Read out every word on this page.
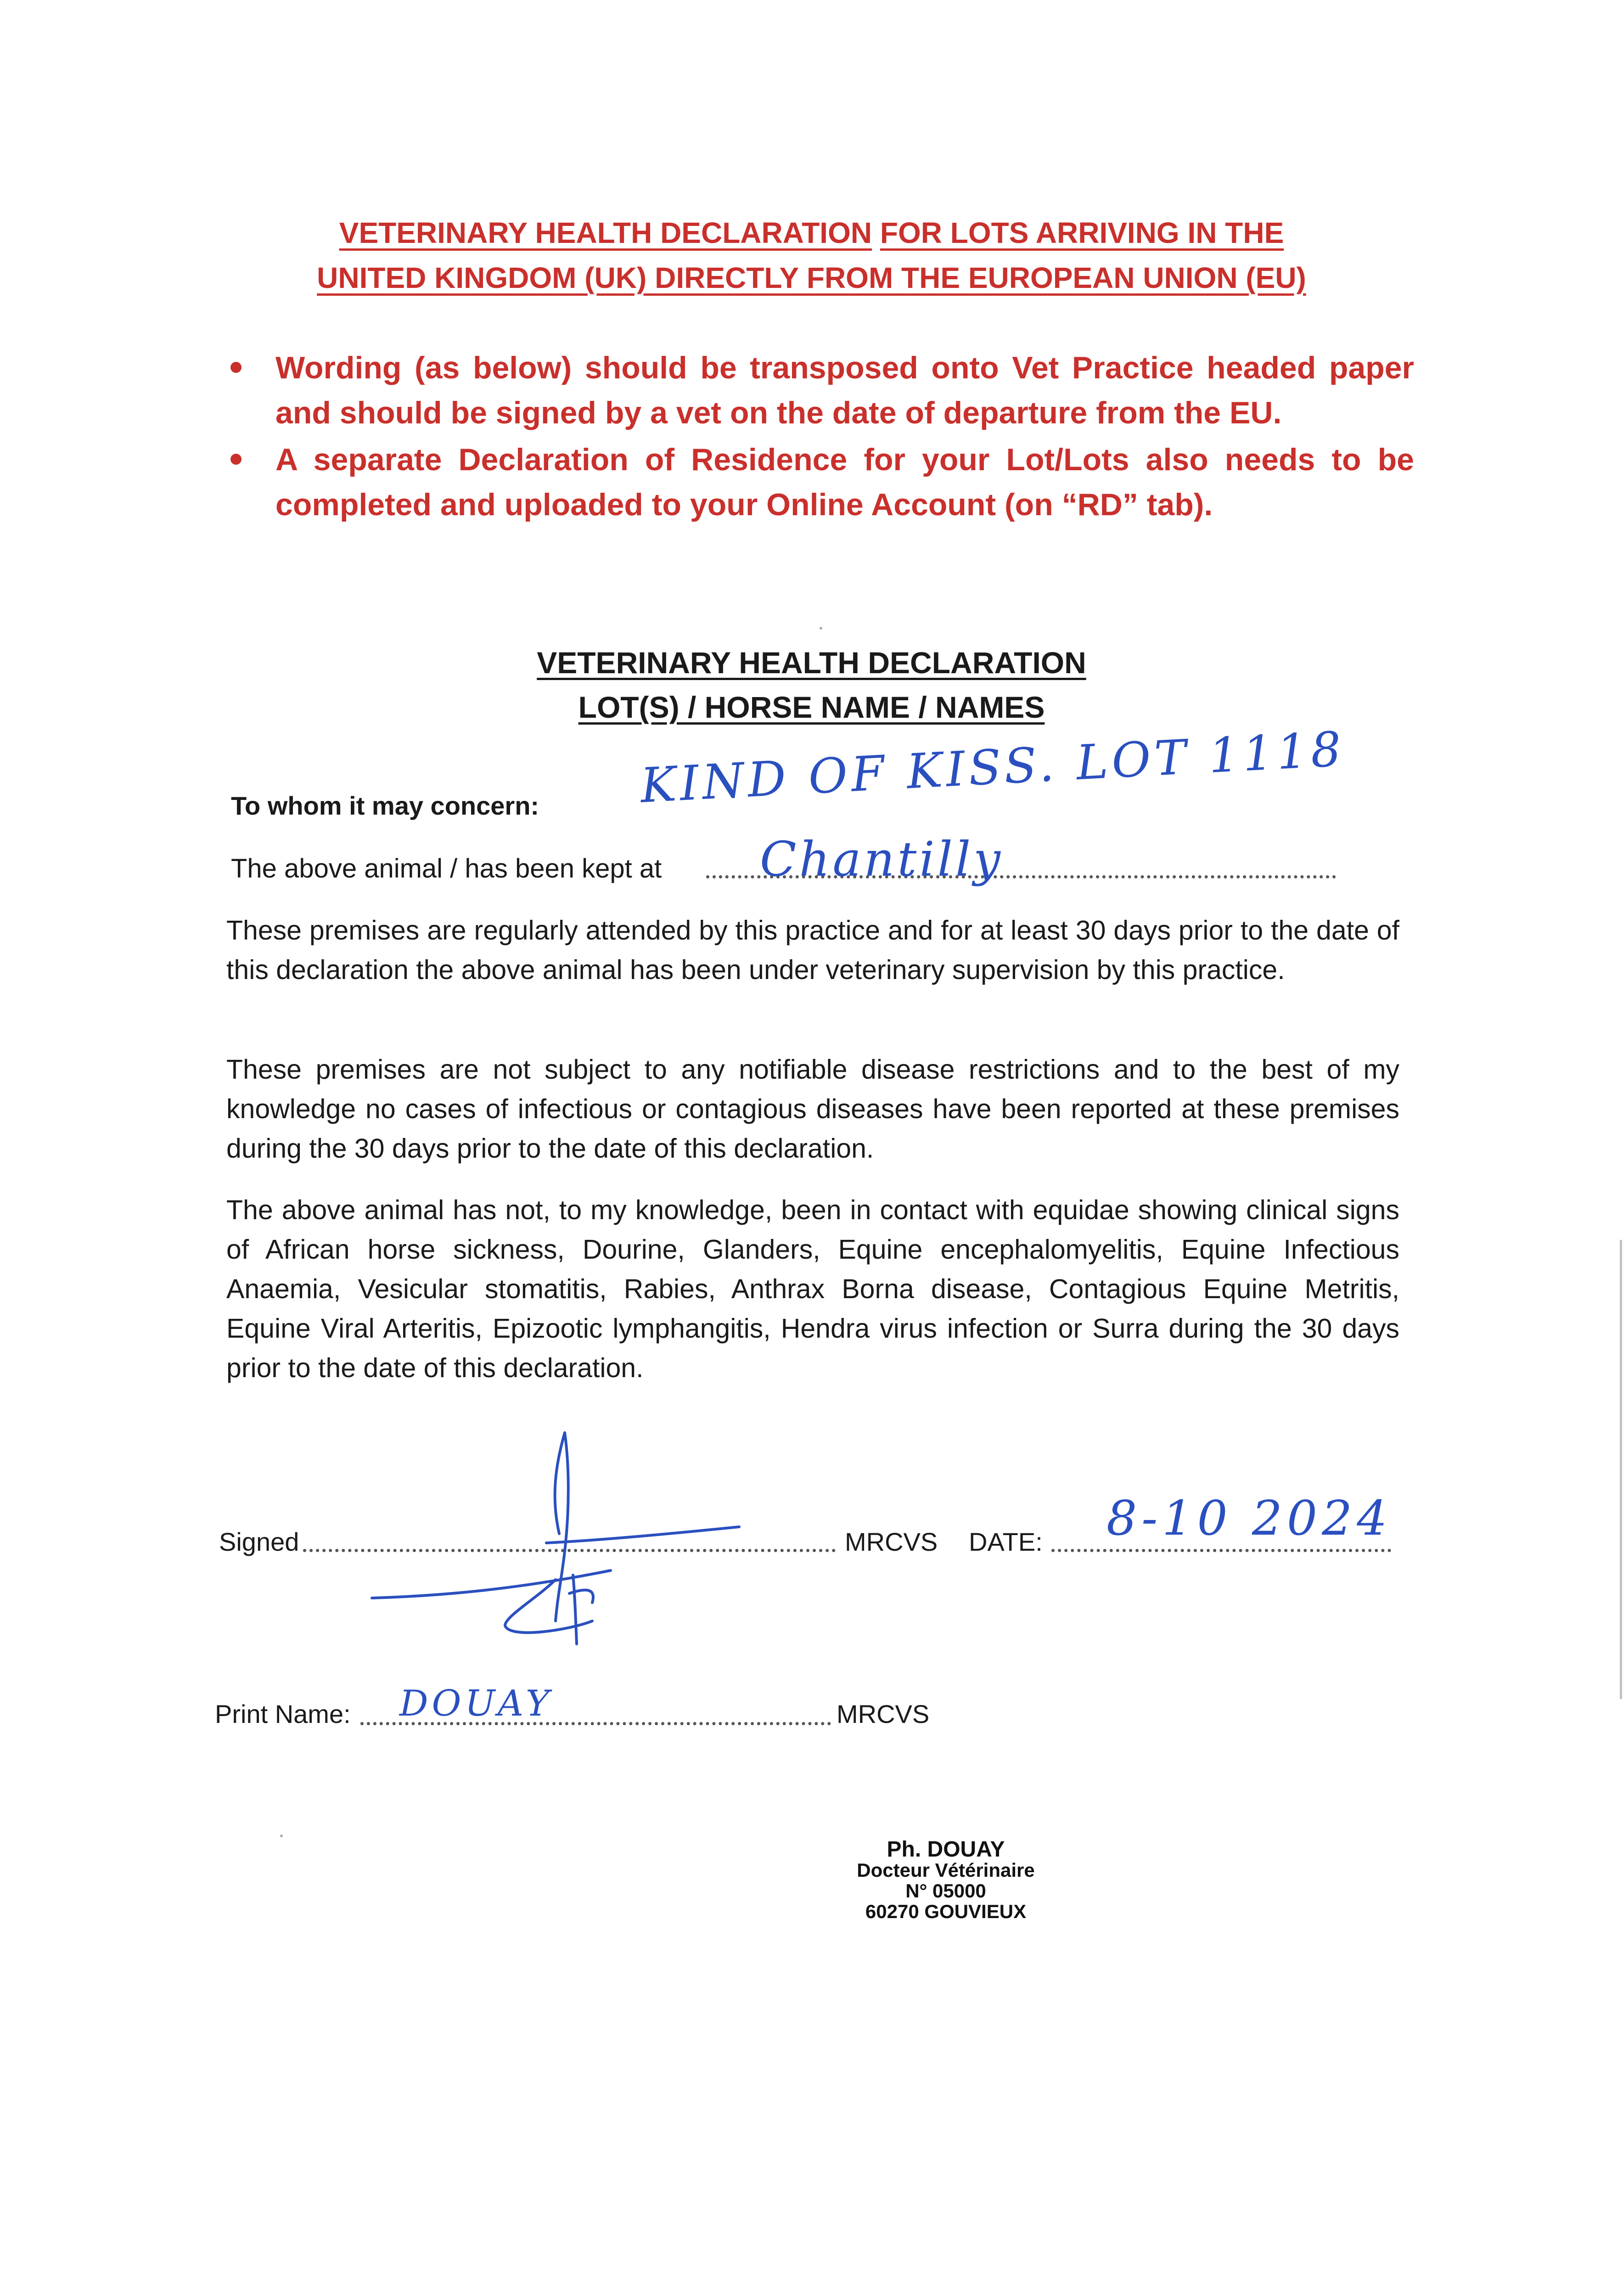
VETERINARY HEALTH DECLARATION FOR LOTS ARRIVING IN THE
UNITED KINGDOM (UK) DIRECTLY FROM THE EUROPEAN UNION (EU)
Wording (as below) should be transposed onto Vet Practice headed paper and should be signed by a vet on the date of departure from the EU.
A separate Declaration of Residence for your Lot/Lots also needs to be completed and uploaded to your Online Account (on “RD” tab).
VETERINARY HEALTH DECLARATION
LOT(S) / HORSE NAME / NAMES
To whom it may concern: KIND OF KISS. LOT 1118
The above animal / has been kept at Chantilly

These premises are regularly attended by this practice and for at least 30 days prior to the date of this declaration the above animal has been under veterinary supervision by this practice.

These premises are not subject to any notifiable disease restrictions and to the best of my knowledge no cases of infectious or contagious diseases have been reported at these premises during the 30 days prior to the date of this declaration.

The above animal has not, to my knowledge, been in contact with equidae showing clinical signs of African horse sickness, Dourine, Glanders, Equine encephalomyelitis, Equine Infectious Anaemia, Vesicular stomatitis, Rabies, Anthrax Borna disease, Contagious Equine Metritis, Equine Viral Arteritis, Epizootic lymphangitis, Hendra virus infection or Surra during the 30 days prior to the date of this declaration.

Signed	MRCVS DATE: 8-10 2024
Print Name:	MRCVS
DOUAY
Ph. DOUAY
Docteur Vétérinaire
N° 05000
60270 GOUVIEUX
